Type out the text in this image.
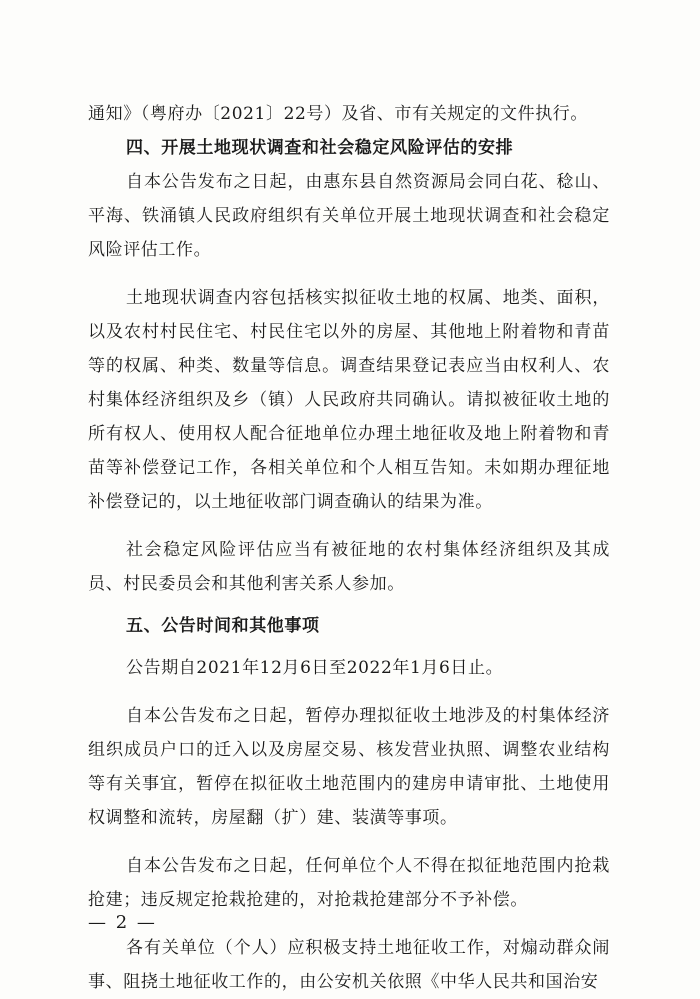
通知》（粤府办〔2021〕22号）及省、市有关规定的文件执行。

四、开展土地现状调查和社会稳定风险评估的安排

自本公告发布之日起，由惠东县自然资源局会同白花、稔山、平海、铁涌镇人民政府组织有关单位开展土地现状调查和社会稳定风险评估工作。

土地现状调查内容包括核实拟征收土地的权属、地类、面积，以及农村村民住宅、村民住宅以外的房屋、其他地上附着物和青苗等的权属、种类、数量等信息。调查结果登记表应当由权利人、农村集体经济组织及乡（镇）人民政府共同确认。请拟被征收土地的所有权人、使用权人配合征地单位办理土地征收及地上附着物和青苗等补偿登记工作，各相关单位和个人相互告知。未如期办理征地补偿登记的，以土地征收部门调查确认的结果为准。

社会稳定风险评估应当有被征地的农村集体经济组织及其成员、村民委员会和其他利害关系人参加。

五、公告时间和其他事项

公告期自2021年12月6日至2022年1月6日止。

自本公告发布之日起，暂停办理拟征收土地涉及的村集体经济组织成员户口的迁入以及房屋交易、核发营业执照、调整农业结构等有关事宜，暂停在拟征收土地范围内的建房申请审批、土地使用权调整和流转，房屋翻（扩）建、装潢等事项。

自本公告发布之日起，任何单位个人不得在拟征地范围内抢栽抢建；违反规定抢栽抢建的，对抢栽抢建部分不予补偿。

各有关单位（个人）应积极支持土地征收工作，对煽动群众闹事、阻挠土地征收工作的，由公安机关依照《中华人民共和国治安

— 2 —
